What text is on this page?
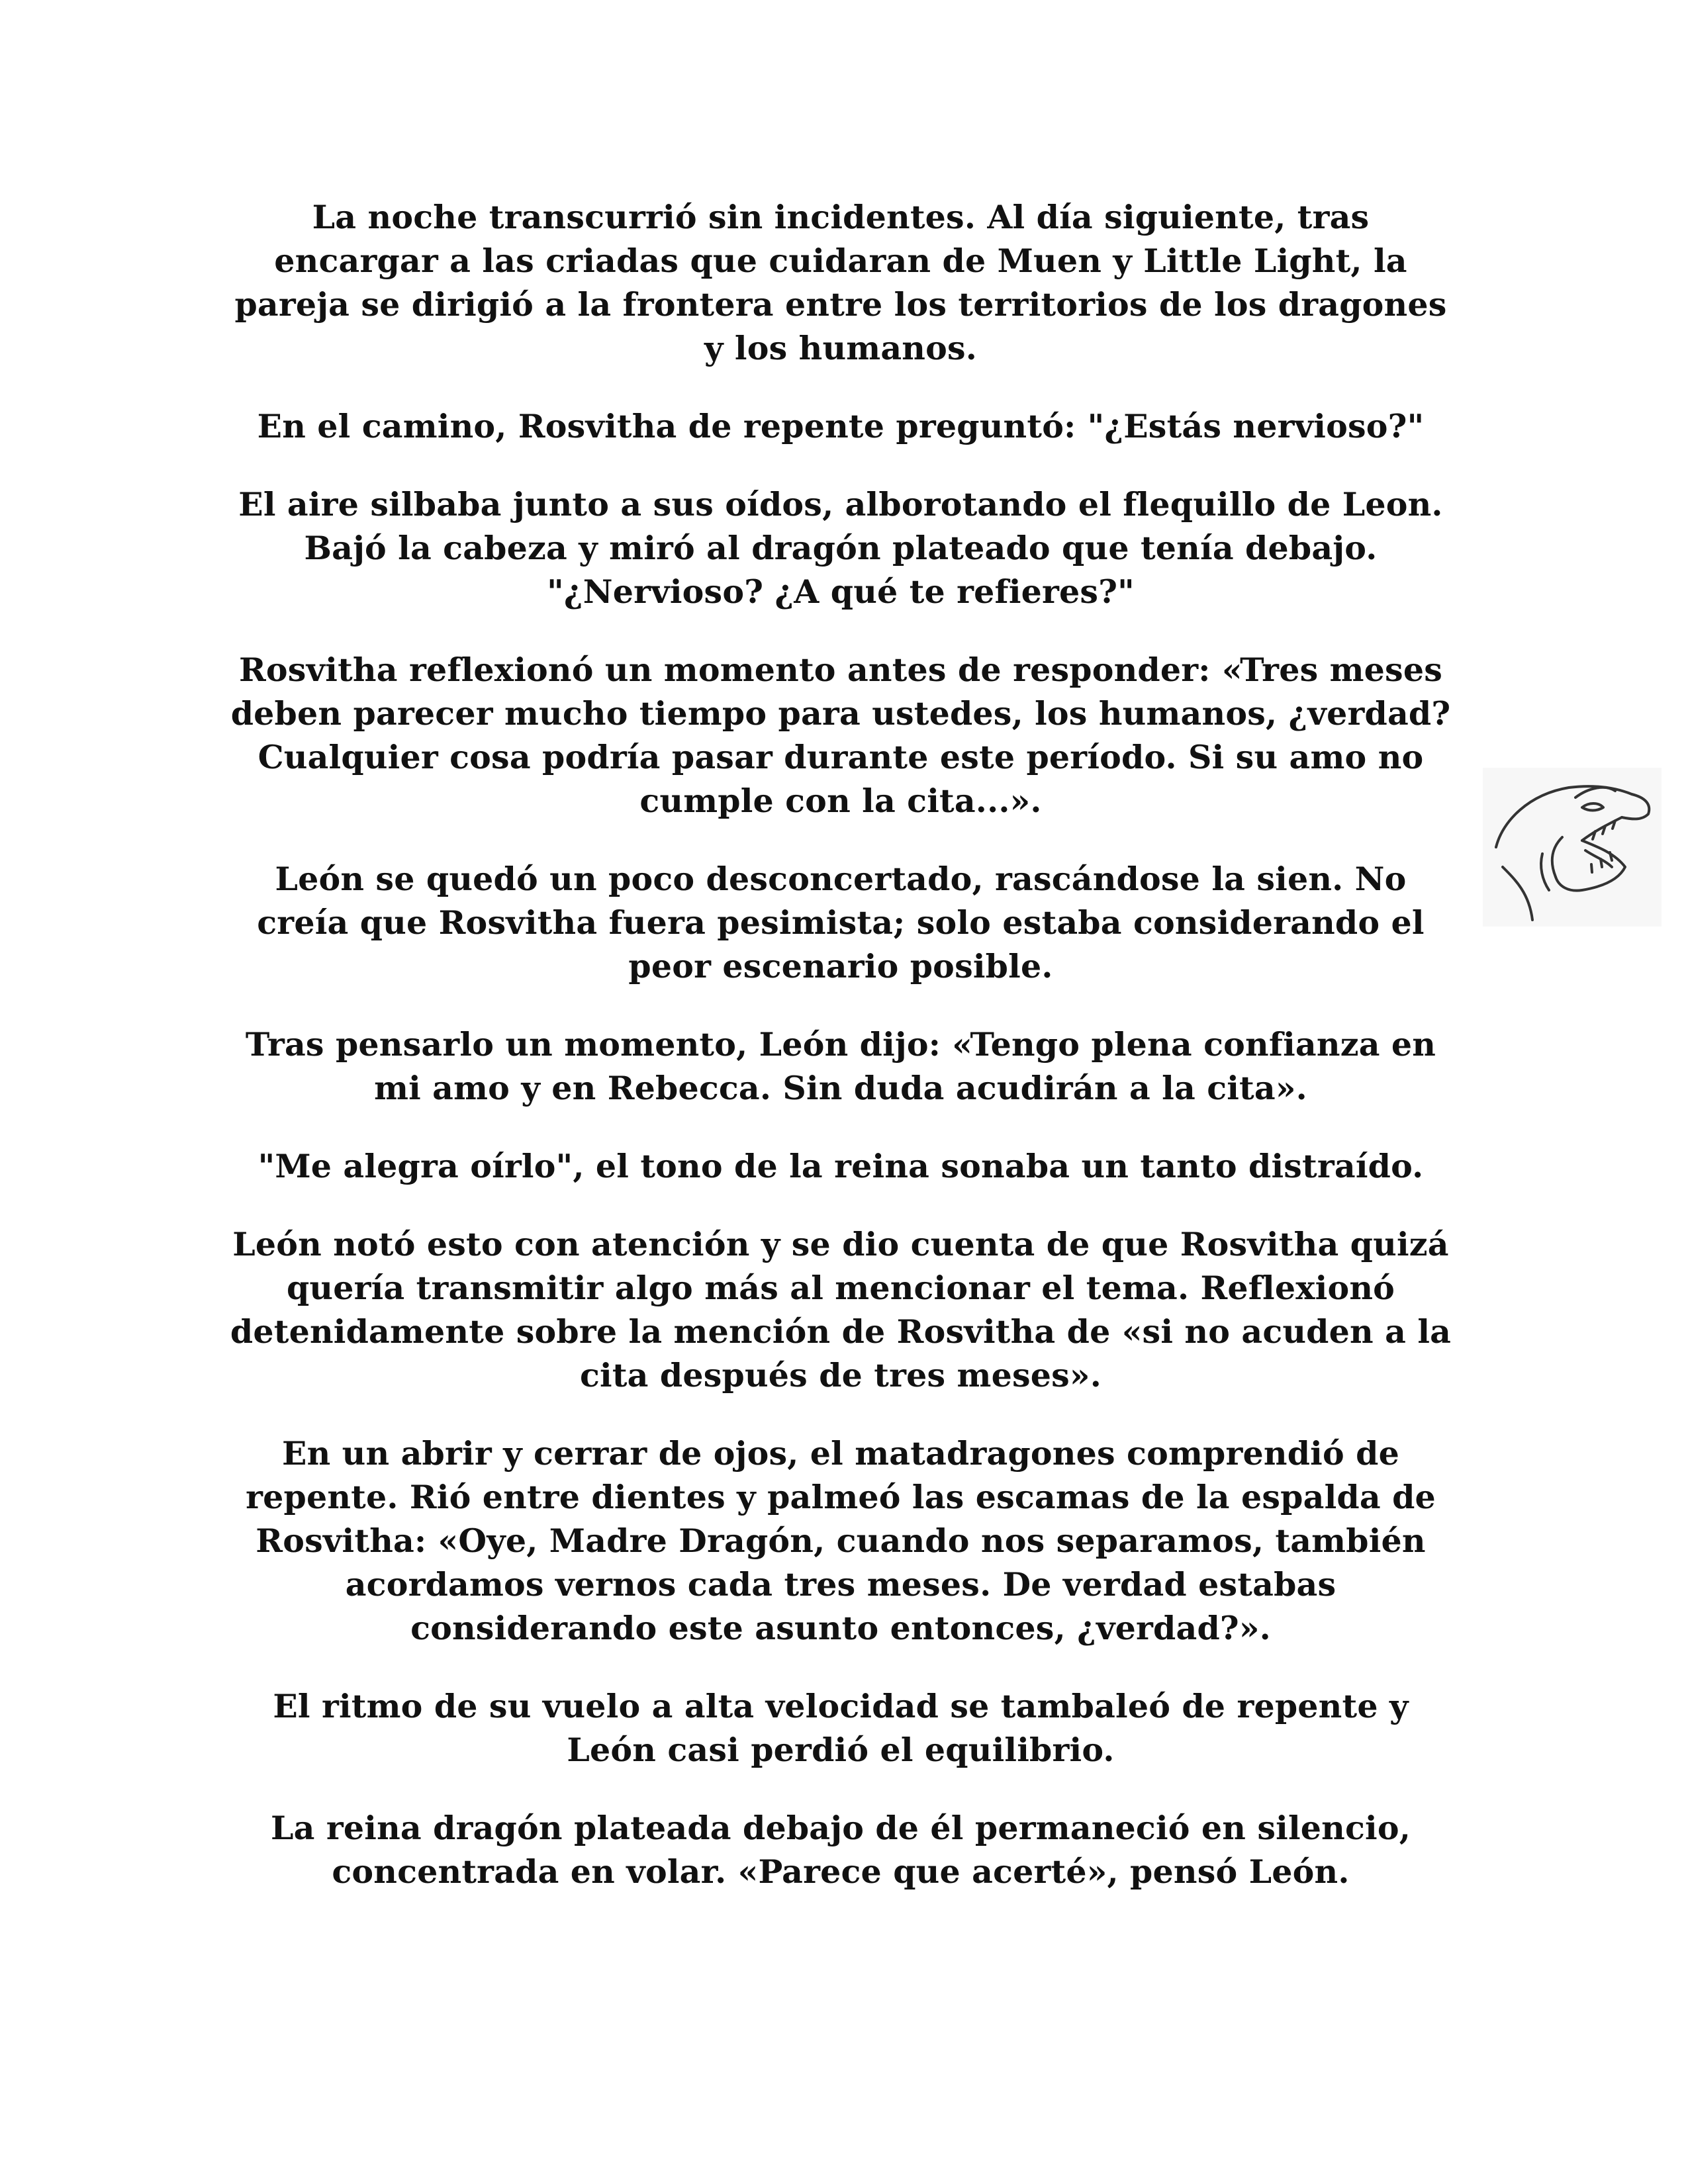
La noche transcurrió sin incidentes. Al día siguiente, tras encargar a las criadas que cuidaran de Muen y Little Light, la pareja se dirigió a la frontera entre los territorios de los dragones y los humanos.

En el camino, Rosvitha de repente preguntó: "¿Estás nervioso?"

El aire silbaba junto a sus oídos, alborotando el flequillo de Leon. Bajó la cabeza y miró al dragón plateado que tenía debajo. "¿Nervioso? ¿A qué te refieres?"

Rosvitha reflexionó un momento antes de responder: «Tres meses deben parecer mucho tiempo para ustedes, los humanos, ¿verdad? Cualquier cosa podría pasar durante este período. Si su amo no cumple con la cita...».

León se quedó un poco desconcertado, rascándose la sien. No creía que Rosvitha fuera pesimista; solo estaba considerando el peor escenario posible.

Tras pensarlo un momento, León dijo: «Tengo plena confianza en mi amo y en Rebecca. Sin duda acudirán a la cita».

"Me alegra oírlo", el tono de la reina sonaba un tanto distraído.

León notó esto con atención y se dio cuenta de que Rosvitha quizá quería transmitir algo más al mencionar el tema. Reflexionó detenidamente sobre la mención de Rosvitha de «si no acuden a la cita después de tres meses».

En un abrir y cerrar de ojos, el matadragones comprendió de repente. Rió entre dientes y palmeó las escamas de la espalda de Rosvitha: «Oye, Madre Dragón, cuando nos separamos, también acordamos vernos cada tres meses. De verdad estabas considerando este asunto entonces, ¿verdad?».

El ritmo de su vuelo a alta velocidad se tambaleó de repente y León casi perdió el equilibrio.

La reina dragón plateada debajo de él permaneció en silencio, concentrada en volar. «Parece que acerté», pensó León.
